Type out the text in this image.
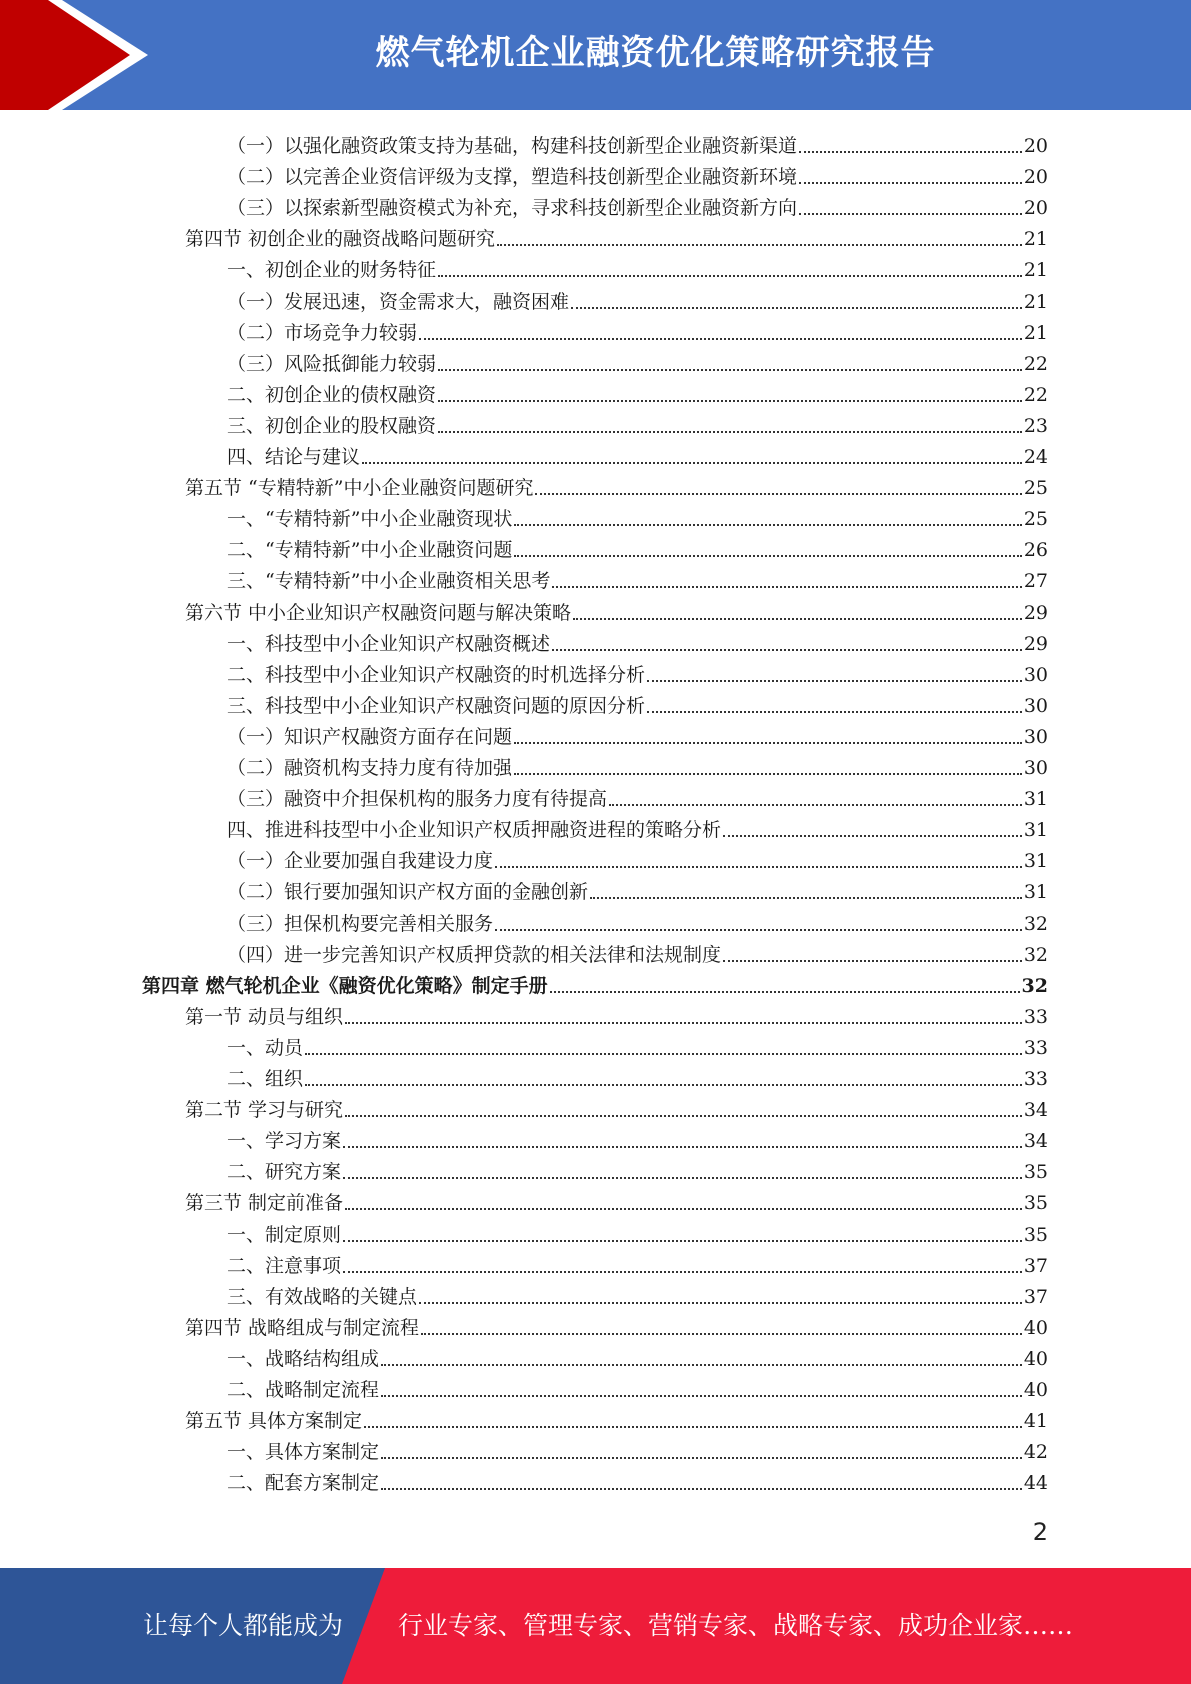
燃气轮机企业融资优化策略研究报告
（一）以强化融资政策支持为基础，构建科技创新型企业融资新渠道	20
（二）以完善企业资信评级为支撑，塑造科技创新型企业融资新环境	20
（三）以探索新型融资模式为补充，寻求科技创新型企业融资新方向	20
第四节 初创企业的融资战略问题研究	21
一、初创企业的财务特征	21
（一）发展迅速，资金需求大，融资困难	21
（二）市场竞争力较弱	21
（三）风险抵御能力较弱	22
二、初创企业的债权融资	22
三、初创企业的股权融资	23
四、结论与建议	24
第五节 “专精特新”中小企业融资问题研究	25
一、“专精特新”中小企业融资现状	25
二、“专精特新”中小企业融资问题	26
三、“专精特新”中小企业融资相关思考	27
第六节 中小企业知识产权融资问题与解决策略	29
一、科技型中小企业知识产权融资概述	29
二、科技型中小企业知识产权融资的时机选择分析	30
三、科技型中小企业知识产权融资问题的原因分析	30
（一）知识产权融资方面存在问题	30
（二）融资机构支持力度有待加强	30
（三）融资中介担保机构的服务力度有待提高	31
四、推进科技型中小企业知识产权质押融资进程的策略分析	31
（一）企业要加强自我建设力度	31
（二）银行要加强知识产权方面的金融创新	31
（三）担保机构要完善相关服务	32
（四）进一步完善知识产权质押贷款的相关法律和法规制度	32
第四章 燃气轮机企业《融资优化策略》制定手册	32
第一节 动员与组织	33
一、动员	33
二、组织	33
第二节 学习与研究	34
一、学习方案	34
二、研究方案	35
第三节 制定前准备	35
一、制定原则	35
二、注意事项	37
三、有效战略的关键点	37
第四节 战略组成与制定流程	40
一、战略结构组成	40
二、战略制定流程	40
第五节 具体方案制定	41
一、具体方案制定	42
二、配套方案制定	44
2
让每个人都能成为 行业专家、管理专家、营销专家、战略专家、成功企业家……
